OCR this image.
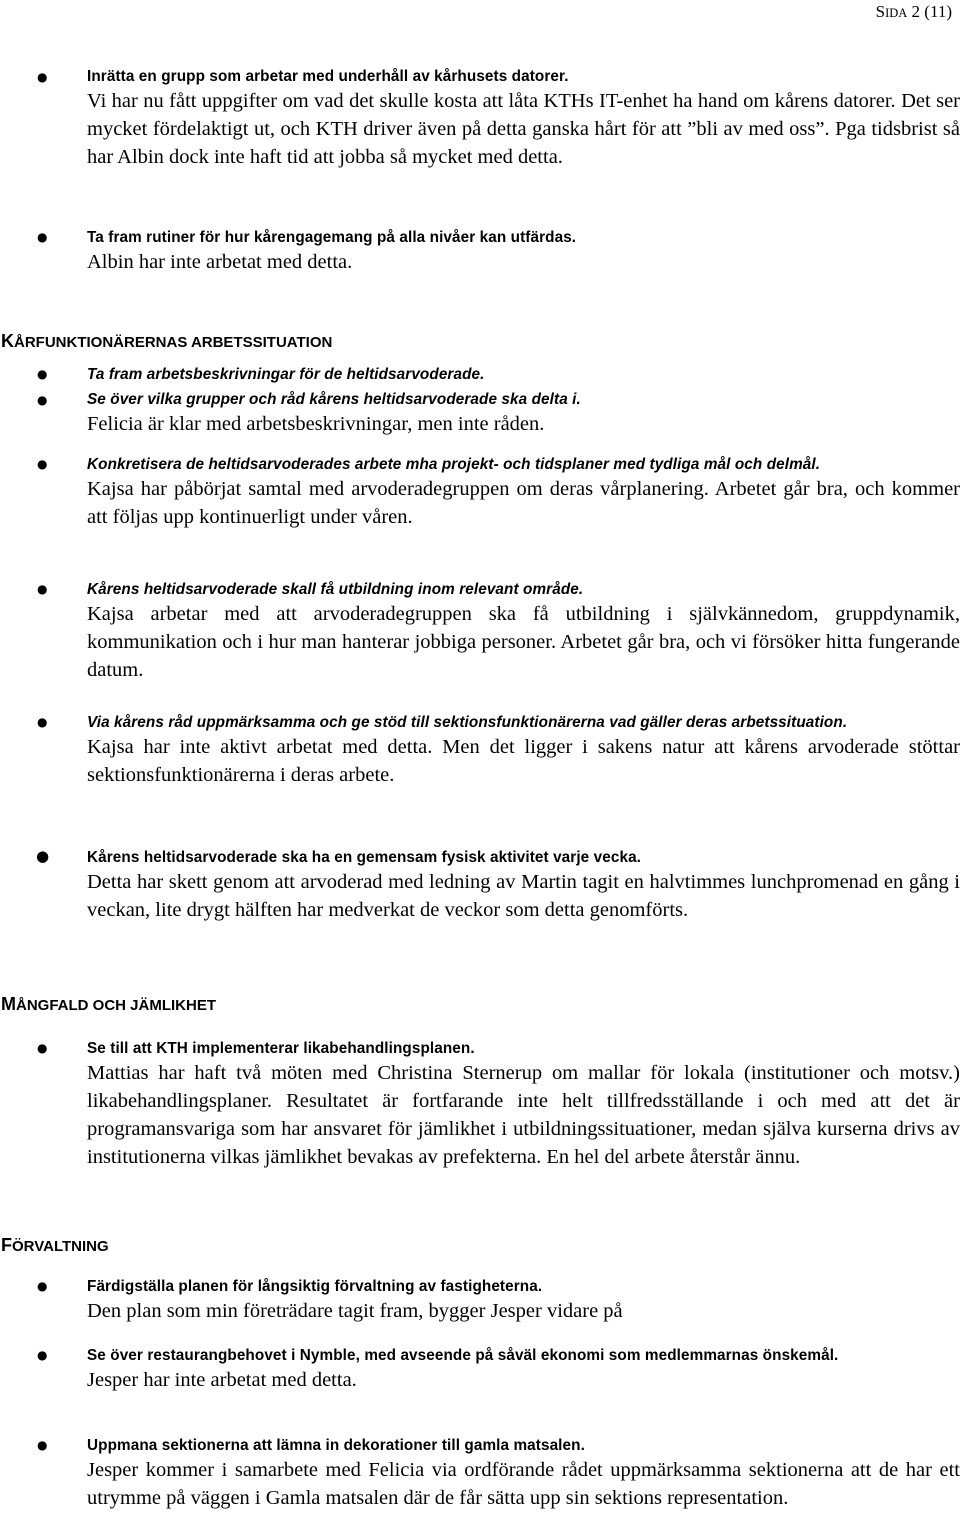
SIDA 2 (11)
●	Inrätta en grupp som arbetar med underhåll av kårhusets datorer.
Vi har nu fått uppgifter om vad det skulle kosta att låta KTHs IT-enhet ha hand om kårens datorer. Det ser mycket fördelaktigt ut, och KTH driver även på detta ganska hårt för att ”bli av med oss”. Pga tidsbrist så har Albin dock inte haft tid att jobba så mycket med detta.
●	Ta fram rutiner för hur kårengagemang på alla nivåer kan utfärdas.
Albin har inte arbetat med detta.
KÅRFUNKTIONÄRERNAS ARBETSSITUATION
●
●
Ta fram arbetsbeskrivningar för de heltidsarvoderade.
Se över vilka grupper och råd kårens heltidsarvoderade ska delta i.
Felicia är klar med arbetsbeskrivningar, men inte råden.
●	Konkretisera de heltidsarvoderades arbete mha projekt- och tidsplaner med tydliga mål och delmål.
Kajsa har påbörjat samtal med arvoderadegruppen om deras vårplanering. Arbetet går bra, och kommer att följas upp kontinuerligt under våren.
●	Kårens heltidsarvoderade skall få utbildning inom relevant område.
Kajsa arbetar med att arvoderadegruppen ska få utbildning i självkännedom, gruppdynamik, kommunikation och i hur man hanterar jobbiga personer. Arbetet går bra, och vi försöker hitta fungerande datum.
●	Via kårens råd uppmärksamma och ge stöd till sektionsfunktionärerna vad gäller deras arbetssituation.
Kajsa har inte aktivt arbetat med detta. Men det ligger i sakens natur att kårens arvoderade stöttar sektionsfunktionärerna i deras arbete.
● Kårens heltidsarvoderade ska ha en gemensam fysisk aktivitet varje vecka.
Detta har skett genom att arvoderad med ledning av Martin tagit en halvtimmes lunchpromenad en gång i veckan, lite drygt hälften har medverkat de veckor som detta genomförts.
MÅNGFALD OCH JÄMLIKHET
●	Se till att KTH implementerar likabehandlingsplanen.
Mattias har haft två möten med Christina Sternerup om mallar för lokala (institutioner och motsv.) likabehandlingsplaner. Resultatet är fortfarande inte helt tillfredsställande i och med att det är programansvariga som har ansvaret för jämlikhet i utbildningssituationer, medan själva kurserna drivs av institutionerna vilkas jämlikhet bevakas av prefekterna. En hel del arbete återstår ännu.
FÖRVALTNING
●	Färdigställa planen för långsiktig förvaltning av fastigheterna.
Den plan som min företrädare tagit fram, bygger Jesper vidare på
●	Se över restaurangbehovet i Nymble, med avseende på såväl ekonomi som medlemmarnas önskemål.
Jesper har inte arbetat med detta.
●	Uppmana sektionerna att lämna in dekorationer till gamla matsalen.
Jesper kommer i samarbete med Felicia via ordförande rådet uppmärksamma sektionerna att de har ett utrymme på väggen i Gamla matsalen där de får sätta upp sin sektions representation.
